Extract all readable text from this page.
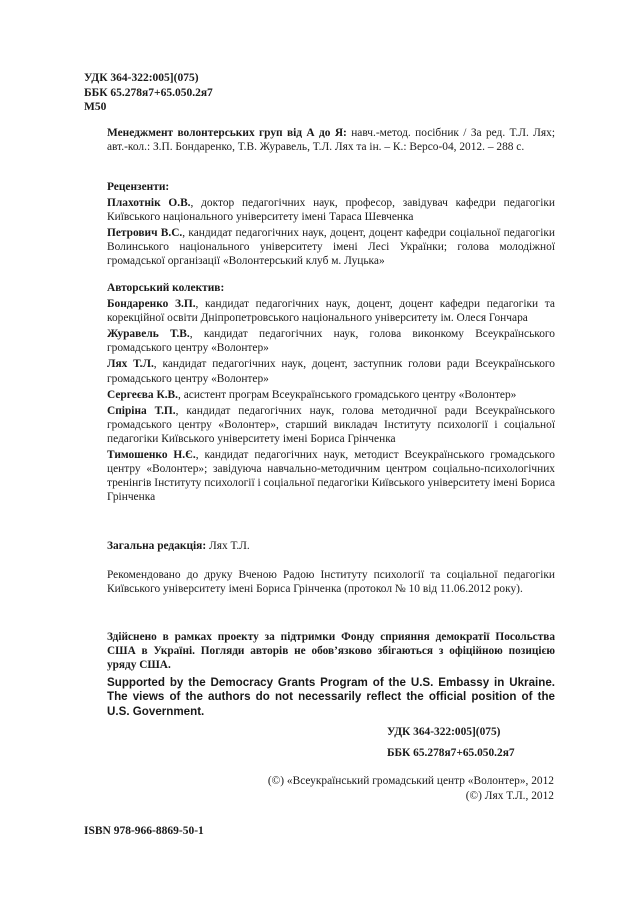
УДК 364-322:005](075)
ББК 65.278я7+65.050.2я7
М50
Менеджмент волонтерських груп від А до Я: навч.-метод. посібник / За ред. Т.Л. Лях; авт.-кол.: З.П. Бондаренко, Т.В. Журавель, Т.Л. Лях та ін. – К.: Версо-04, 2012. – 288 с.
Рецензенти:

Плахотнік О.В., доктор педагогічних наук, професор, завідувач кафедри педагогіки Київського національного університету імені Тараса Шевченка

Петрович В.С., кандидат педагогічних наук, доцент, доцент кафедри соціальної педагогіки Волинського національного університету імені Лесі Українки; голова молодіжної громадської організації «Волонтерський клуб м. Луцька»

Авторський колектив:

Бондаренко З.П., кандидат педагогічних наук, доцент, доцент кафедри педагогіки та корекційної освіти Дніпропетровського національного університету ім. Олеся Гончара

Журавель Т.В., кандидат педагогічних наук, голова виконкому Всеукраїнського громадського центру «Волонтер»

Лях Т.Л., кандидат педагогічних наук, доцент, заступник голови ради Всеукраїнського громадського центру «Волонтер»

Сергеєва К.В., асистент програм Всеукраїнського громадського центру «Волонтер»

Спіріна Т.П., кандидат педагогічних наук, голова методичної ради Всеукраїнського громадського центру «Волонтер», старший викладач Інституту психології і соціальної педагогіки Київського університету імені Бориса Грінченка

Тимошенко Н.Є., кандидат педагогічних наук, методист Всеукраїнського громадського центру «Волонтер»; завідуюча навчально-методичним центром соціально-психологічних тренінгів Інституту психології і соціальної педагогіки Київського університету імені Бориса Грінченка

Загальна редакція: Лях Т.Л.
Рекомендовано до друку Вченою Радою Інституту психології та соціальної педагогіки Київського університету імені Бориса Грінченка (протокол № 10 від 11.06.2012 року).
Здійснено в рамках проекту за підтримки Фонду сприяння демократії Посольства США в Україні. Погляди авторів не обов’язково збігаються з офіційною позицією уряду США.
Supported by the Democracy Grants Program of the U.S. Embassy in Ukraine. The views of the authors do not necessarily reflect the official position of the U.S. Government.
УДК 364-322:005](075)
ББК 65.278я7+65.050.2я7
(©) «Всеукраїнський громадський центр «Волонтер», 2012
(©) Лях Т.Л., 2012
ISBN 978-966-8869-50-1
